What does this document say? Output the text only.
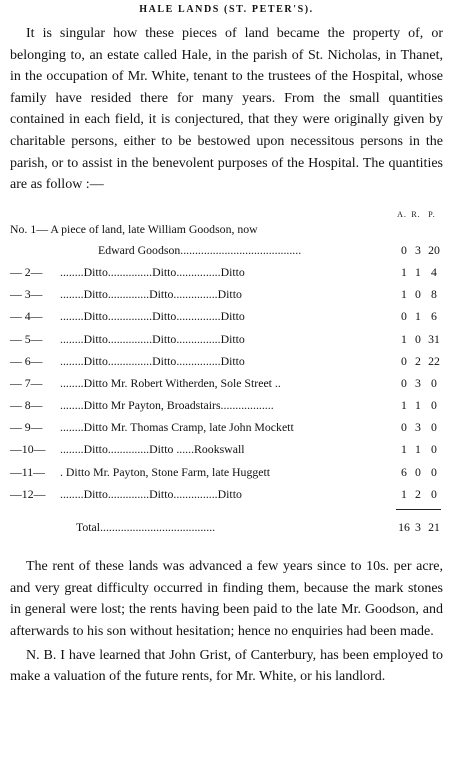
HALE LANDS (ST. PETER'S).

It is singular how these pieces of land became the property of, or belonging to, an estate called Hale, in the parish of St. Nicholas, in Thanet, in the occupation of Mr. White, tenant to the trustees of the Hospital, whose family have resided there for many years. From the small quantities contained in each field, it is conjectured, that they were originally given by charitable persons, either to be bestowed upon necessitous persons in the parish, or to assist in the benevolent purposes of the Hospital. The quantities are as follow :—

A. R. P.
No. 1— A piece of land, late William Goodson, now
Edward Goodson.........................................	0 3 20
— 2—	........Ditto...............Ditto...............Ditto	1 1 4
— 3—	........Ditto..............Ditto...............Ditto	1 0 8
— 4—	........Ditto...............Ditto...............Ditto	0 1 6
— 5—	........Ditto...............Ditto...............Ditto	1 0 31
— 6—	........Ditto...............Ditto...............Ditto	0 2 22
— 7—	........Ditto Mr. Robert Witherden, Sole Street ..	0 3 0
— 8—	........Ditto Mr Payton, Broadstairs..................	1 1 0
— 9—	........Ditto Mr. Thomas Cramp, late John Mockett	0 3 0
—10—	........Ditto..............Ditto ......Rookswall	1 1 0
—11—	. Ditto Mr. Payton, Stone Farm, late Huggett	6 0 0
—12—	........Ditto..............Ditto...............Ditto	1 2 0
Total.......................................	16 3 21

The rent of these lands was advanced a few years since to 10s. per acre, and very great difficulty occurred in finding them, because the mark stones in general were lost; the rents having been paid to the late Mr. Goodson, and afterwards to his son without hesitation; hence no enquiries had been made.

N. B. I have learned that John Grist, of Canterbury, has been employed to make a valuation of the future rents, for Mr. White, or his landlord.
